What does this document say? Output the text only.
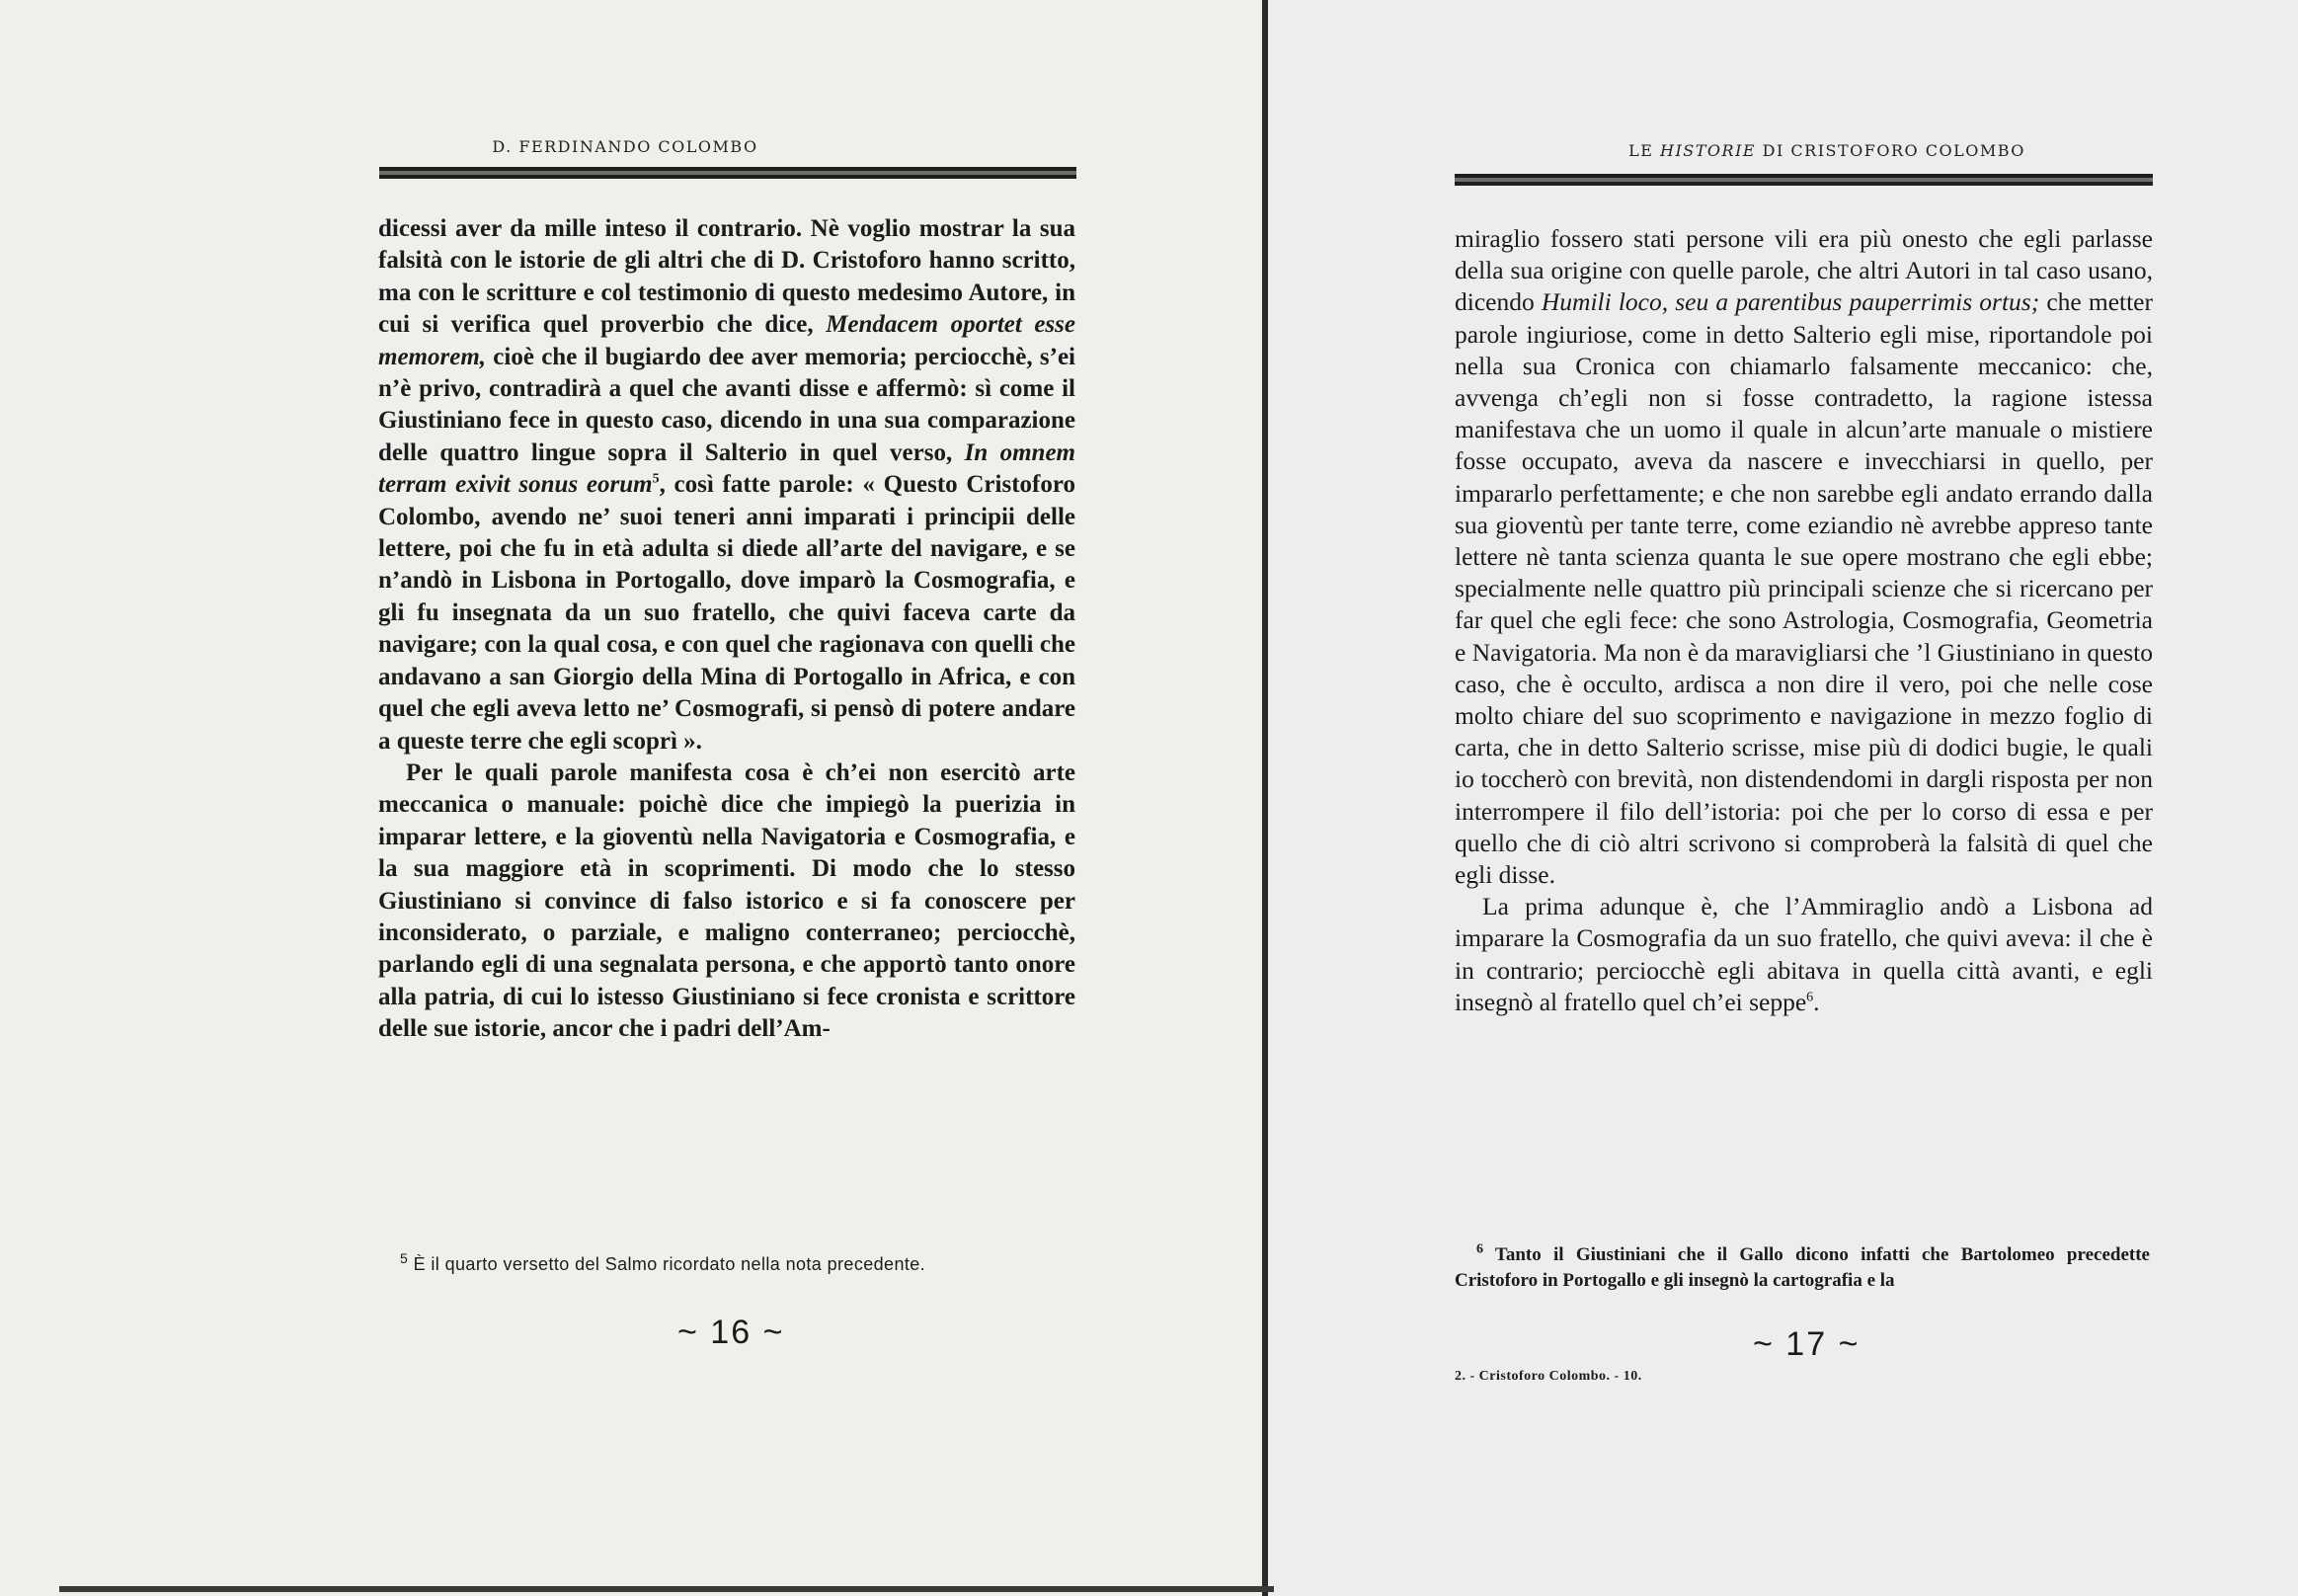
D. FERDINANDO COLOMBO

dicessi aver da mille inteso il contrario. Nè voglio mostrar la sua falsità con le istorie de gli altri che di D. Cristoforo hanno scritto, ma con le scritture e col testimonio di questo medesimo Autore, in cui si verifica quel proverbio che dice, Mendacem oportet esse memorem, cioè che il bugiardo dee aver memoria; perciocchè, s’ei n’è privo, contradirà a quel che avanti disse e affermò: sì come il Giustiniano fece in questo caso, dicendo in una sua comparazione delle quattro lingue sopra il Salterio in quel verso, In omnem terram exivit sonus eorum$^5$, così fatte parole: « Questo Cristoforo Colombo, avendo ne’ suoi teneri anni imparati i principii delle lettere, poi che fu in età adulta si diede all’arte del navigare, e se n’andò in Lisbona in Portogallo, dove imparò la Cosmografia, e gli fu insegnata da un suo fratello, che quivi faceva carte da navigare; con la qual cosa, e con quel che ragionava con quelli che andavano a san Giorgio della Mina di Portogallo in Africa, e con quel che egli aveva letto ne’ Cosmografi, si pensò di potere andare a queste terre che egli scoprì ».

Per le quali parole manifesta cosa è ch’ei non esercitò arte meccanica o manuale: poichè dice che impiegò la puerizia in imparar lettere, e la gioventù nella Navigatoria e Cosmografia, e la sua maggiore età in scoprimenti. Di modo che lo stesso Giustiniano si convince di falso istorico e si fa conoscere per inconsiderato, o parziale, e maligno conterraneo; perciocchè, parlando egli di una segnalata persona, e che apportò tanto onore alla patria, di cui lo istesso Giustiniano si fece cronista e scrittore delle sue istorie, ancor che i padri dell’Am-

$^5$ È il quarto versetto del Salmo ricordato nella nota precedente.
~ 16 ~
LE HISTORIE DI CRISTOFORO COLOMBO

miraglio fossero stati persone vili era più onesto che egli parlasse della sua origine con quelle parole, che altri Autori in tal caso usano, dicendo Humili loco, seu a parentibus pauperrimis ortus; che metter parole ingiuriose, come in detto Salterio egli mise, riportandole poi nella sua Cronica con chiamarlo falsamente meccanico: che, avvenga ch’egli non si fosse contradetto, la ragione istessa manifestava che un uomo il quale in alcun’arte manuale o mistiere fosse occupato, aveva da nascere e invecchiarsi in quello, per impararlo perfettamente; e che non sarebbe egli andato errando dalla sua gioventù per tante terre, come eziandio nè avrebbe appreso tante lettere nè tanta scienza quanta le sue opere mostrano che egli ebbe; specialmente nelle quattro più principali scienze che si ricercano per far quel che egli fece: che sono Astrologia, Cosmografia, Geometria e Navigatoria. Ma non è da maravigliarsi che ’l Giustiniano in questo caso, che è occulto, ardisca a non dire il vero, poi che nelle cose molto chiare del suo scoprimento e navigazione in mezzo foglio di carta, che in detto Salterio scrisse, mise più di dodici bugie, le quali io toccherò con brevità, non distendendomi in dargli risposta per non interrompere il filo dell’istoria: poi che per lo corso di essa e per quello che di ciò altri scrivono si comproberà la falsità di quel che egli disse.

La prima adunque è, che l’Ammiraglio andò a Lisbona ad imparare la Cosmografia da un suo fratello, che quivi aveva: il che è in contrario; perciocchè egli abitava in quella città avanti, e egli insegnò al fratello quel ch’ei seppe$^6$.

$^6$ Tanto il Giustiniani che il Gallo dicono infatti che Bartolomeo precedette Cristoforo in Portogallo e gli insegnò la cartografia e la
~ 17 ~
2. - Cristoforo Colombo. - 10.
